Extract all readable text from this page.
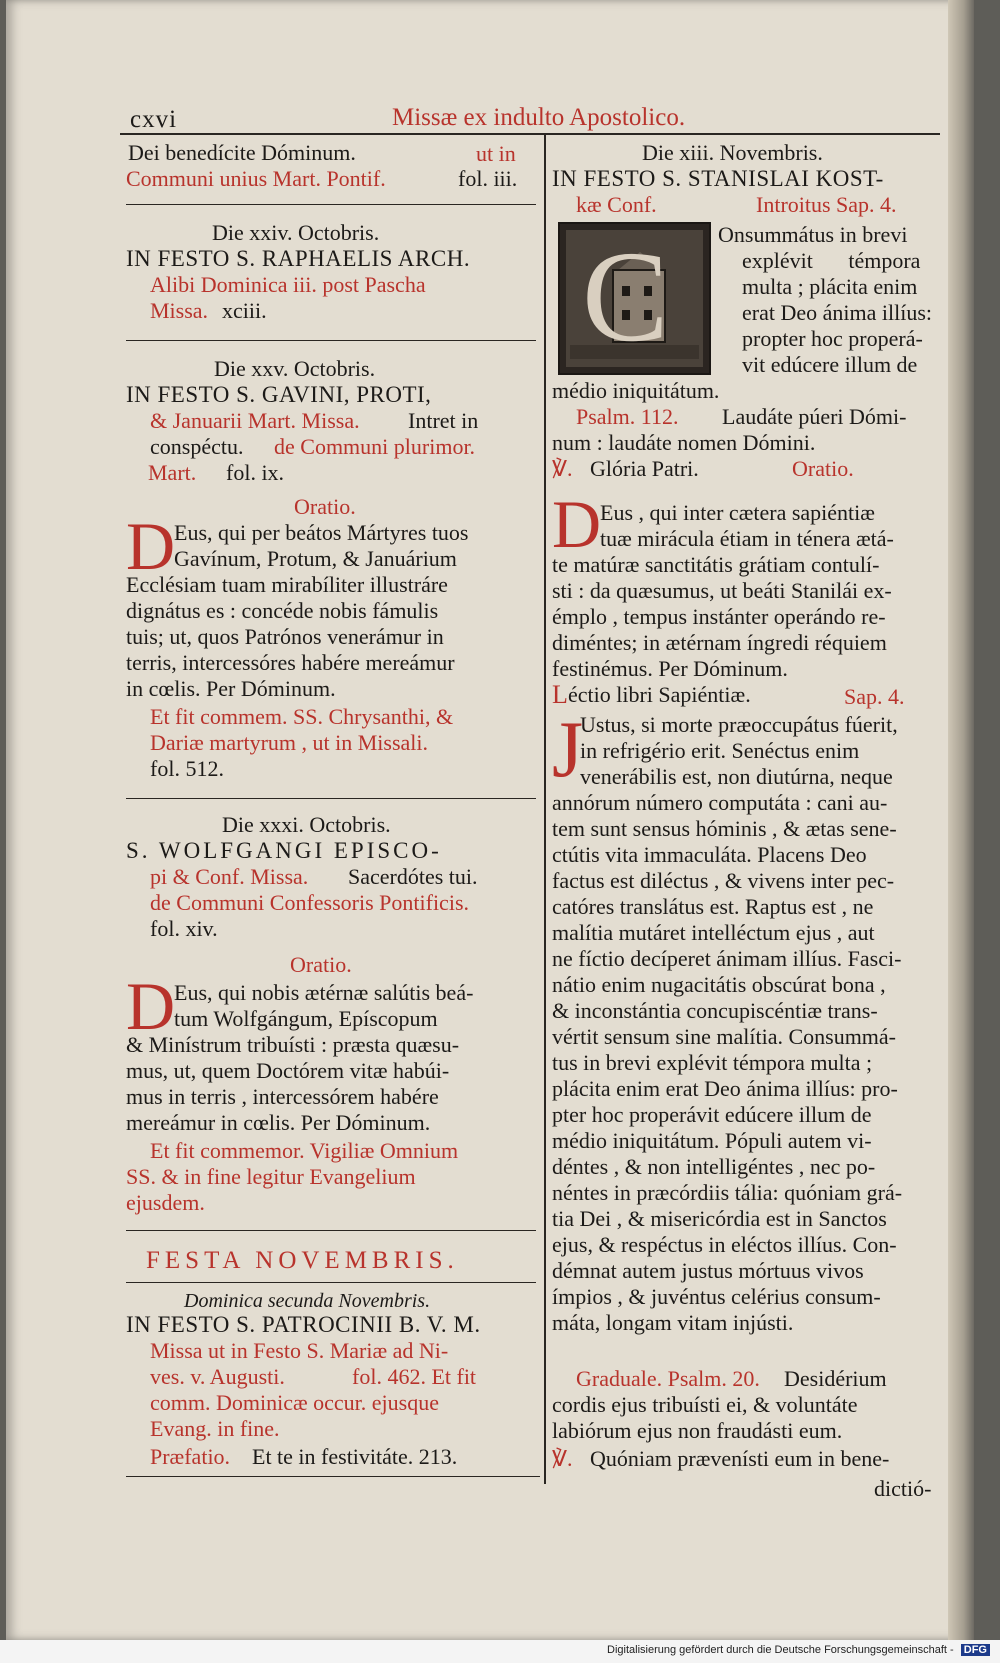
cxvi	Missæ ex indulto Apostolico.
Dei benedícite Dóminum.	ut in
Communi unius Mart. Pontif.	fol. iii.
Die xxiv. Octobris.
IN FESTO S. RAPHAELIS ARCH.
Alibi Dominica iii. post Pascha
Missa. xciii.
Die xxv. Octobris.
IN FESTO S. GAVINI, PROTI,
& Januarii Mart. Missa. Intret in
conspéctu. de Communi plurimor.
Mart. fol. ix.
Oratio.
D
Eus, qui per beátos Mártyres tuos
Gavínum, Protum, & Januárium
Ecclésiam tuam mirabíliter illustráre
dignátus es : concéde nobis fámulis
tuis; ut, quos Patrónos venerámur in
terris, intercessóres habére mereámur
in cœlis. Per Dóminum.
Et fit commem. SS. Chrysanthi, &
Dariæ martyrum , ut in Missali.
fol. 512.
Die xxxi. Octobris.
S. WOLFGANGI EPISCO-
pi & Conf. Missa. Sacerdótes tui.
de Communi Confessoris Pontificis.
fol. xiv.
Oratio.
D
Eus, qui nobis ætérnæ salútis beá-
tum Wolfgángum, Epíscopum
& Minístrum tribuísti : præsta quæsu-
mus, ut, quem Doctórem vitæ habúi-
mus in terris , intercessórem habére
mereámur in cœlis. Per Dóminum.
Et fit commemor. Vigiliæ Omnium
SS. & in fine legitur Evangelium
ejusdem.
FESTA NOVEMBRIS.
Dominica secunda Novembris.
IN FESTO S. PATROCINII B. V. M.
Missa ut in Festo S. Mariæ ad Ni-
ves. v. Augusti.	fol. 462. Et fit
comm. Dominicæ occur. ejusque
Evang. in fine.
Præfatio. Et te in festivitáte. 213.
Die xiii. Novembris.
IN FESTO S. STANISLAI KOST-
kæ Conf.	Introitus Sap. 4.
C Onsummátus in brevi
explévit témpora
multa ; plácita enim
erat Deo ánima illíus:
propter hoc properá-
vit edúcere illum de
médio iniquitátum.
Psalm. 112. Laudáte púeri Dómi-
num : laudáte nomen Dómini.
℣. Glória Patri.	Oratio.
D
Eus , qui inter cætera sapiéntiæ
tuæ mirácula étiam in ténera ætá-
te matúræ sanctitátis grátiam contulí-
sti : da quæsumus, ut beáti Stanilái ex-
émplo , tempus instánter operándo re-
diméntes; in ætérnam íngredi réquiem
festinémus. Per Dóminum.
L éctio libri Sapiéntiæ.	Sap. 4.
J
Ustus, si morte præoccupátus fúerit,
in refrigério erit. Senéctus enim
venerábilis est, non diutúrna, neque
annórum número computáta : cani au-
tem sunt sensus hóminis , & ætas sene-
ctútis vita immaculáta. Placens Deo
factus est diléctus , & vivens inter pec-
catóres translátus est. Raptus est , ne
malítia mutáret intelléctum ejus , aut
ne fíctio decíperet ánimam illíus. Fasci-
nátio enim nugacitátis obscúrat bona ,
& inconstántia concupiscéntiæ trans-
vértit sensum sine malítia. Consummá-
tus in brevi explévit témpora multa ;
plácita enim erat Deo ánima illíus: pro-
pter hoc properávit edúcere illum de
médio iniquitátum. Pópuli autem vi-
déntes , & non intelligéntes , nec po-
néntes in præcórdiis tália: quóniam grá-
tia Dei , & misericórdia est in Sanctos
ejus, & respéctus in eléctos illíus. Con-
démnat autem justus mórtuus vivos
ímpios , & juvéntus celérius consum-
máta, longam vitam injústi.
Graduale. Psalm. 20. Desidérium
cordis ejus tribuísti ei, & voluntáte
labiórum ejus non fraudásti eum.
℣. Quóniam prævenísti eum in bene-
dictió-
Digitalisierung gefördert durch die Deutsche Forschungsgemeinschaft - DFG
